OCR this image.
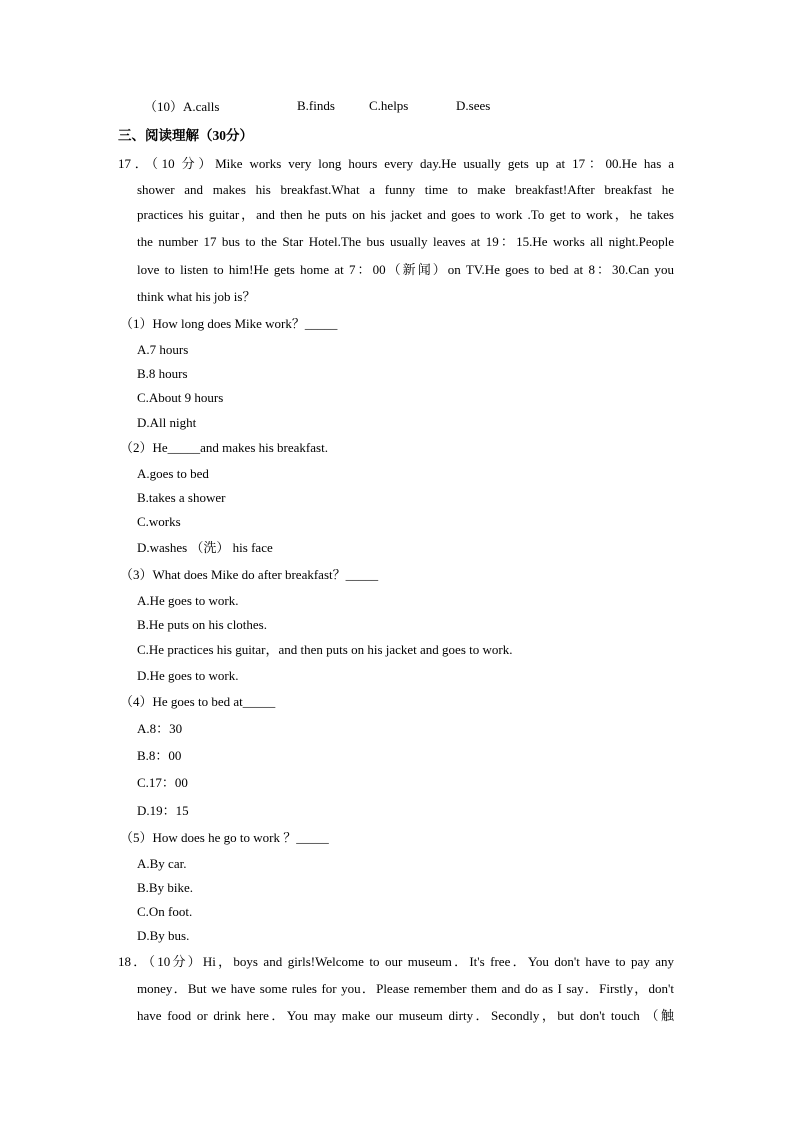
（10）A.calls	B.finds	C.helps	D.sees
三、阅读理解（30分）
17．（10 分）Mike works very long hours every day.He usually gets up at 17：00.He has a
shower and makes his breakfast.What a funny time to make breakfast!After breakfast he
practices his guitar，and then he puts on his jacket and goes to work .To get to work，he takes
the number 17 bus to the Star Hotel.The bus usually leaves at 19：15.He works all night.People
love to listen to him!He gets home at 7：00（新闻）on TV.He goes to bed at 8：30.Can you
think what his job is？
（1）How long does Mike work？_____
A.7 hours
B.8 hours
C.About 9 hours
D.All night
（2）He_____and makes his breakfast.
A.goes to bed
B.takes a shower
C.works
D.washes （洗） his face
（3）What does Mike do after breakfast？_____
A.He goes to work.
B.He puts on his clothes.
C.He practices his guitar，and then puts on his jacket and goes to work.
D.He goes to work.
（4）He goes to bed at_____
A.8：30
B.8：00
C.17：00
D.19：15
（5）How does he go to work ？_____
A.By car.
B.By bike.
C.On foot.
D.By bus.
18．（10分）Hi，boys and girls!Welcome to our museum．It's free．You don't have to pay any
money．But we have some rules for you．Please remember them and do as I say．Firstly，don't
have food or drink here．You may make our museum dirty．Secondly，but don't touch （触
